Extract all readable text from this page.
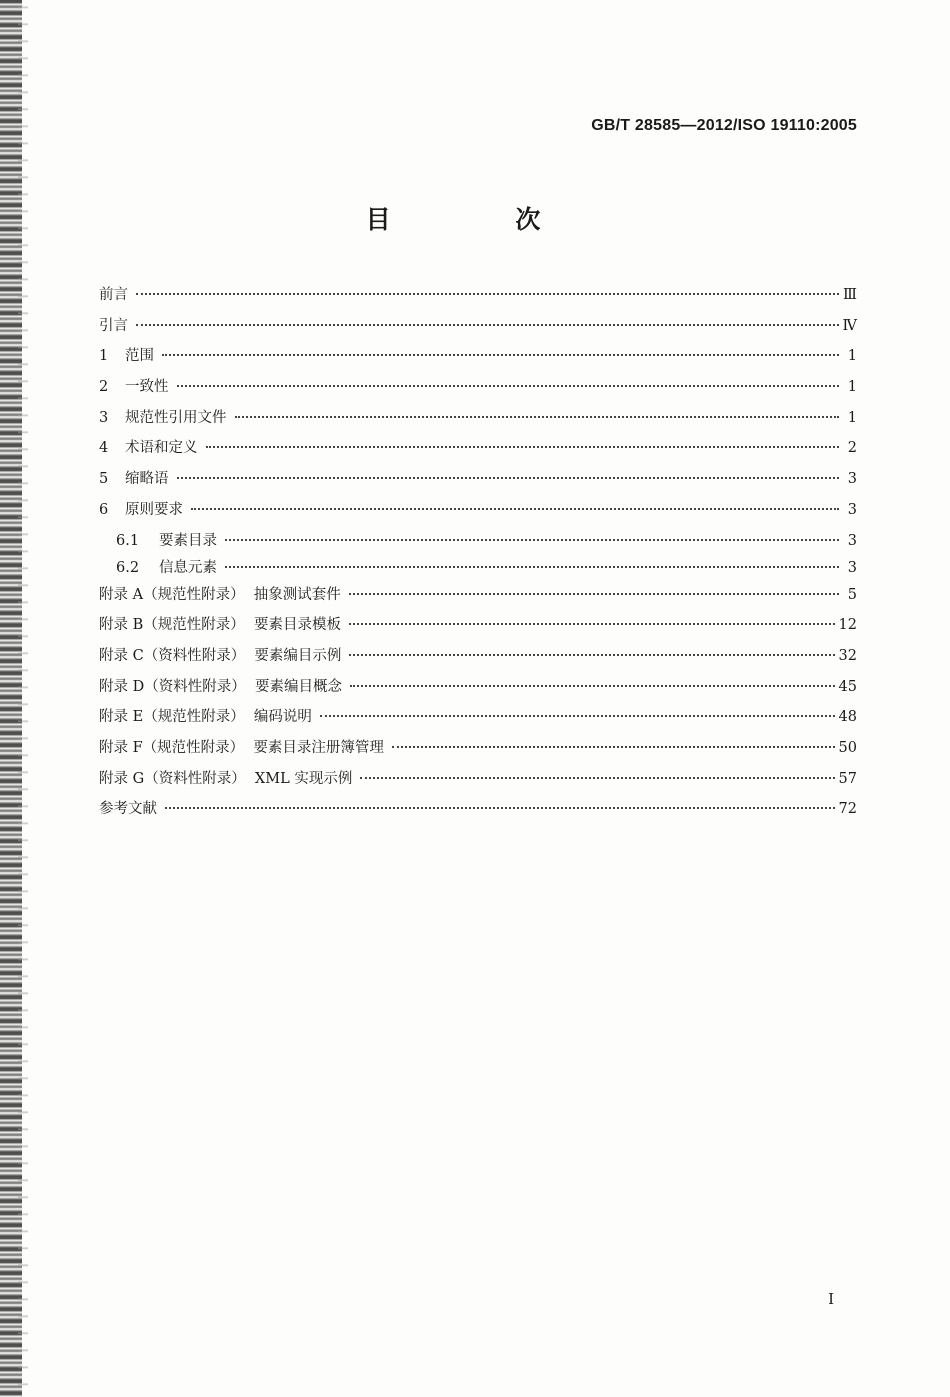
GB/T 28585—2012/ISO 19110:2005
目 次
前言	Ⅲ
引言	Ⅳ
1	范围	1
2	一致性	1
3	规范性引用文件	1
4	术语和定义	2
5	缩略语	3
6	原则要求	3
6.1	要素目录	3
6.2	信息元素	3
附录 A（规范性附录）  抽象测试套件	5
附录 B（规范性附录）  要素目录模板	12
附录 C（资料性附录）  要素编目示例	32
附录 D（资料性附录）  要素编目概念	45
附录 E（规范性附录）  编码说明	48
附录 F（规范性附录）  要素目录注册簿管理	50
附录 G（资料性附录）  XML 实现示例	57
参考文献	72
I
